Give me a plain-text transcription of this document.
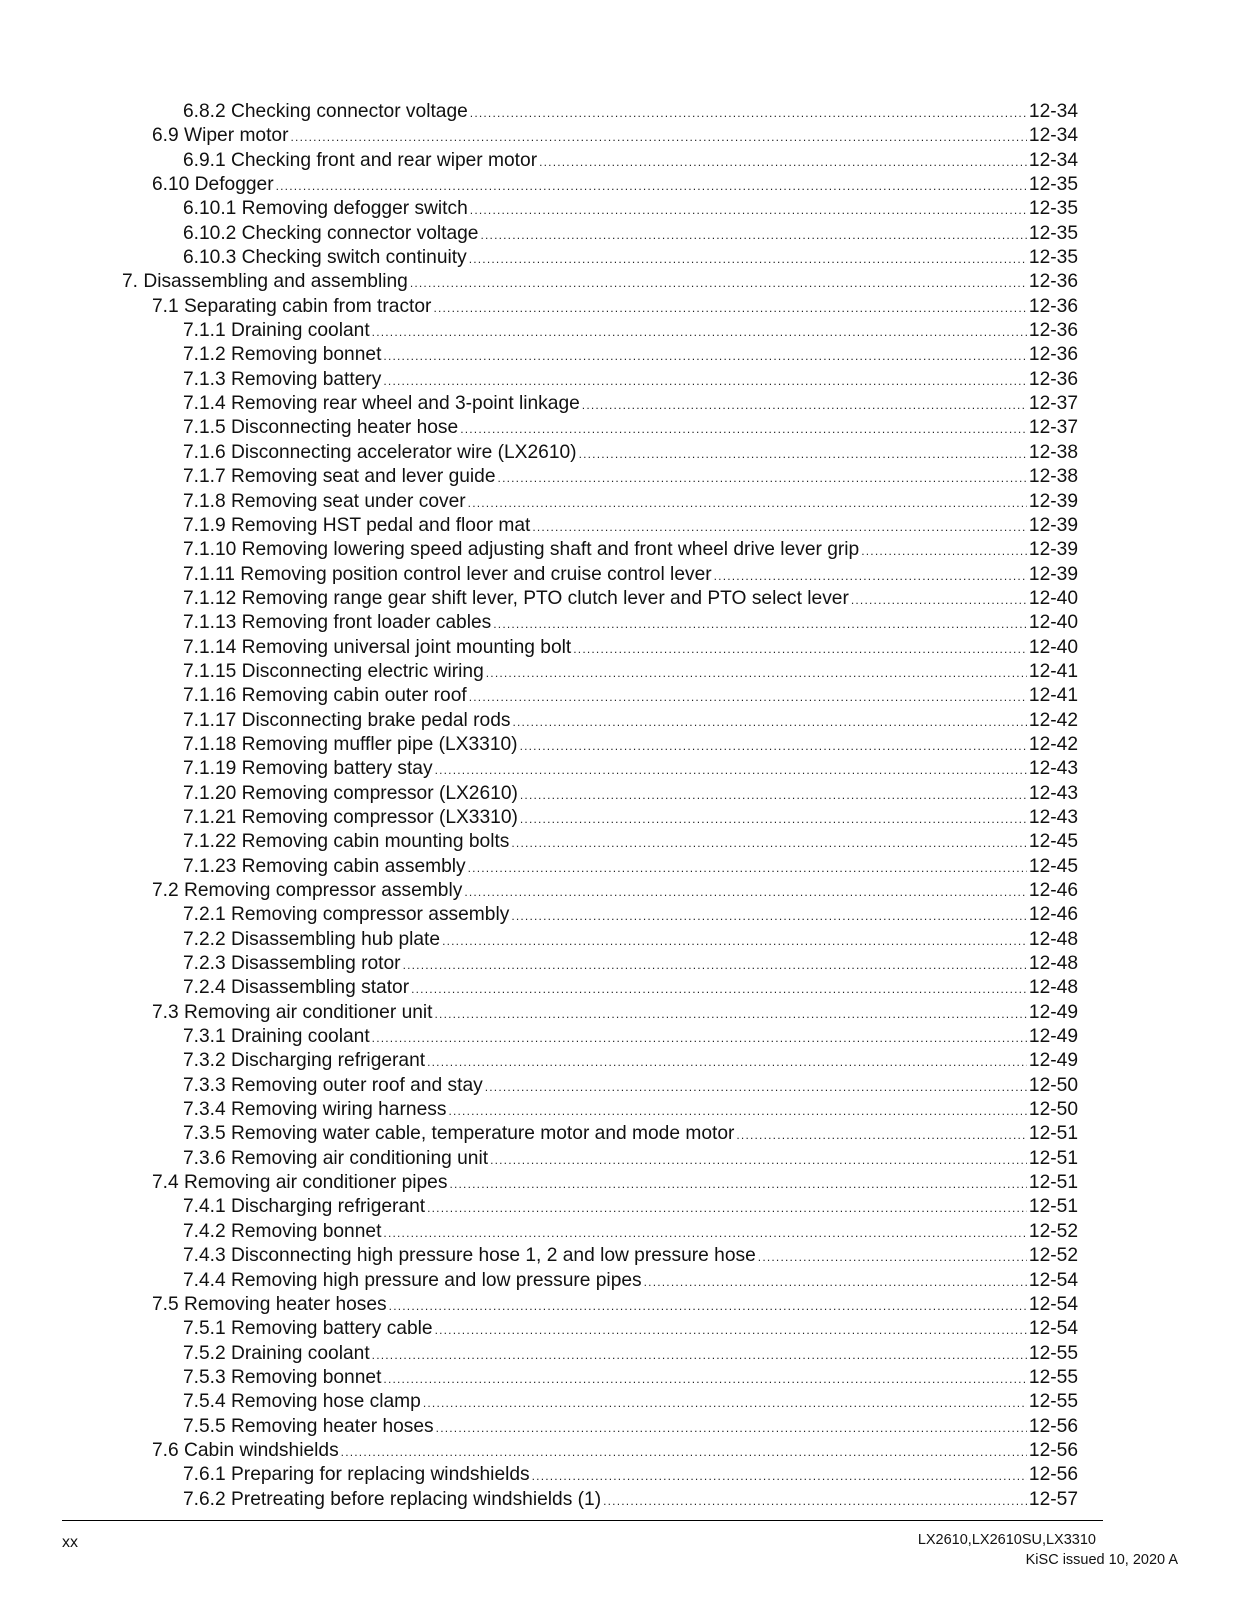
6.8.2 Checking connector voltage .....	12-34
6.9 Wiper motor .....	12-34
6.9.1 Checking front and rear wiper motor .....	12-34
6.10 Defogger .....	12-35
6.10.1 Removing defogger switch .....	12-35
6.10.2 Checking connector voltage .....	12-35
6.10.3 Checking switch continuity .....	12-35
7. Disassembling and assembling .....	12-36
7.1 Separating cabin from tractor .....	12-36
7.1.1 Draining coolant .....	12-36
7.1.2 Removing bonnet .....	12-36
7.1.3 Removing battery .....	12-36
7.1.4 Removing rear wheel and 3-point linkage .....	12-37
7.1.5 Disconnecting heater hose .....	12-37
7.1.6 Disconnecting accelerator wire (LX2610) .....	12-38
7.1.7 Removing seat and lever guide .....	12-38
7.1.8 Removing seat under cover .....	12-39
7.1.9 Removing HST pedal and floor mat .....	12-39
7.1.10 Removing lowering speed adjusting shaft and front wheel drive lever grip .....	12-39
7.1.11 Removing position control lever and cruise control lever .....	12-39
7.1.12 Removing range gear shift lever, PTO clutch lever and PTO select lever .....	12-40
7.1.13 Removing front loader cables .....	12-40
7.1.14 Removing universal joint mounting bolt .....	12-40
7.1.15 Disconnecting electric wiring .....	12-41
7.1.16 Removing cabin outer roof .....	12-41
7.1.17 Disconnecting brake pedal rods .....	12-42
7.1.18 Removing muffler pipe (LX3310) .....	12-42
7.1.19 Removing battery stay .....	12-43
7.1.20 Removing compressor (LX2610) .....	12-43
7.1.21 Removing compressor (LX3310) .....	12-43
7.1.22 Removing cabin mounting bolts .....	12-45
7.1.23 Removing cabin assembly .....	12-45
7.2 Removing compressor assembly .....	12-46
7.2.1 Removing compressor assembly .....	12-46
7.2.2 Disassembling hub plate .....	12-48
7.2.3 Disassembling rotor .....	12-48
7.2.4 Disassembling stator .....	12-48
7.3 Removing air conditioner unit .....	12-49
7.3.1 Draining coolant .....	12-49
7.3.2 Discharging refrigerant .....	12-49
7.3.3 Removing outer roof and stay .....	12-50
7.3.4 Removing wiring harness .....	12-50
7.3.5 Removing water cable, temperature motor and mode motor .....	12-51
7.3.6 Removing air conditioning unit .....	12-51
7.4 Removing air conditioner pipes .....	12-51
7.4.1 Discharging refrigerant .....	12-51
7.4.2 Removing bonnet .....	12-52
7.4.3 Disconnecting high pressure hose 1, 2 and low pressure hose .....	12-52
7.4.4 Removing high pressure and low pressure pipes .....	12-54
7.5 Removing heater hoses .....	12-54
7.5.1 Removing battery cable .....	12-54
7.5.2 Draining coolant .....	12-55
7.5.3 Removing bonnet .....	12-55
7.5.4 Removing hose clamp .....	12-55
7.5.5 Removing heater hoses .....	12-56
7.6 Cabin windshields .....	12-56
7.6.1 Preparing for replacing windshields .....	12-56
7.6.2 Pretreating before replacing windshields (1) .....	12-57
xx	LX2610,LX2610SU,LX3310
KiSC issued 10, 2020 A
